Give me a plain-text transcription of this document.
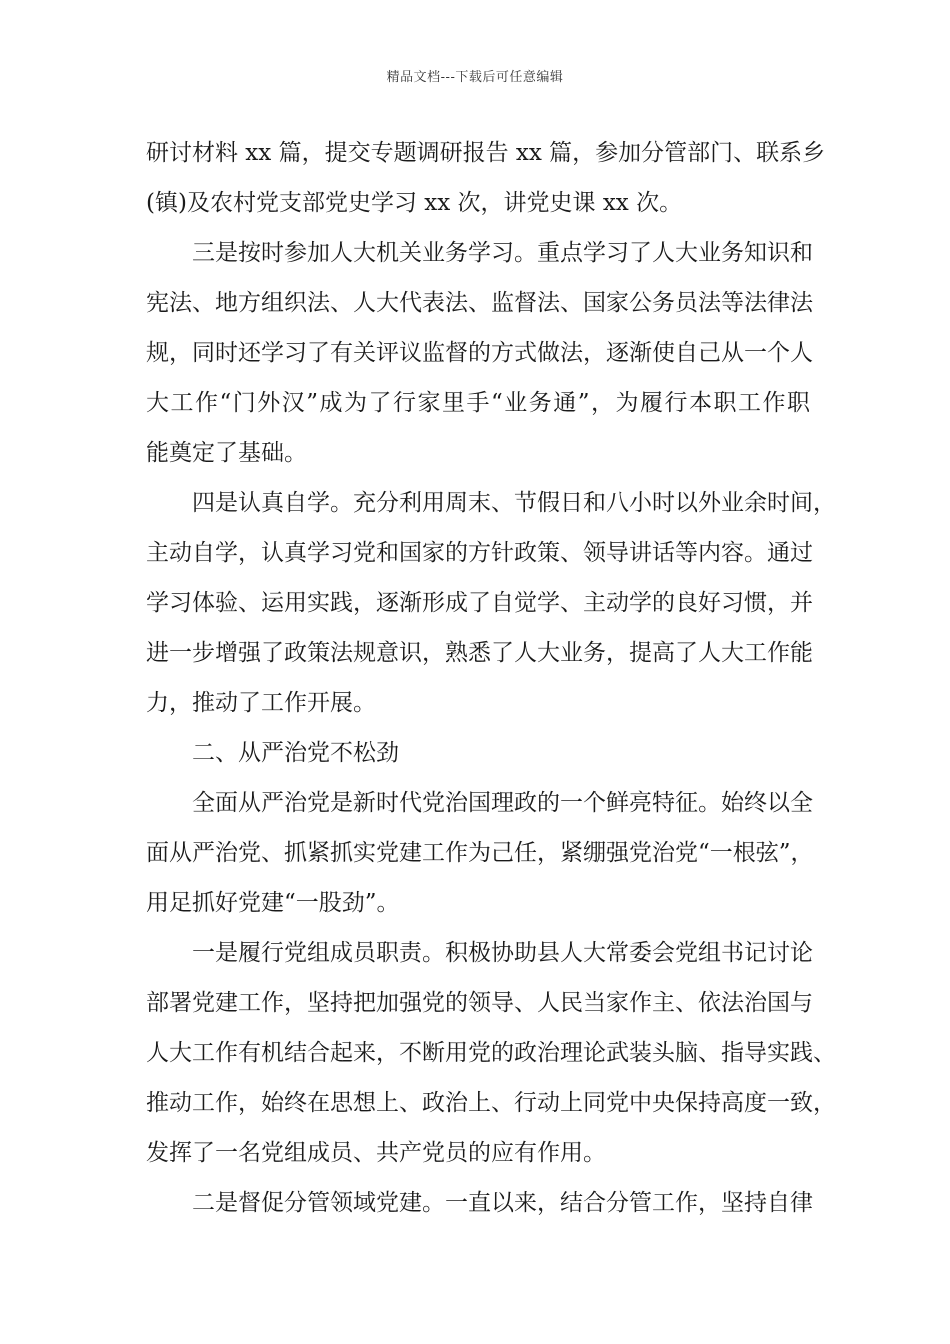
精品文档---下载后可任意编辑
研讨材料 xx 篇，提交专题调研报告 xx 篇，参加分管部门、联系乡
(镇)及农村党支部党史学习 xx 次，讲党史课 xx 次。
三是按时参加人大机关业务学习。重点学习了人大业务知识和
宪法、地方组织法、人大代表法、监督法、国家公务员法等法律法
规，同时还学习了有关评议监督的方式做法，逐渐使自己从一个人
大工作“门外汉”成为了行家里手“业务通”，为履行本职工作职
能奠定了基础。
四是认真自学。充分利用周末、节假日和八小时以外业余时间，
主动自学，认真学习党和国家的方针政策、领导讲话等内容。通过
学习体验、运用实践，逐渐形成了自觉学、主动学的良好习惯，并
进一步增强了政策法规意识，熟悉了人大业务，提高了人大工作能
力，推动了工作开展。
二、从严治党不松劲
全面从严治党是新时代党治国理政的一个鲜亮特征。始终以全
面从严治党、抓紧抓实党建工作为己任，紧绷强党治党“一根弦”，
用足抓好党建“一股劲”。
一是履行党组成员职责。积极协助县人大常委会党组书记讨论
部署党建工作，坚持把加强党的领导、人民当家作主、依法治国与
人大工作有机结合起来，不断用党的政治理论武装头脑、指导实践、
推动工作，始终在思想上、政治上、行动上同党中央保持高度一致，
发挥了一名党组成员、共产党员的应有作用。
二是督促分管领域党建。一直以来，结合分管工作，坚持自律
